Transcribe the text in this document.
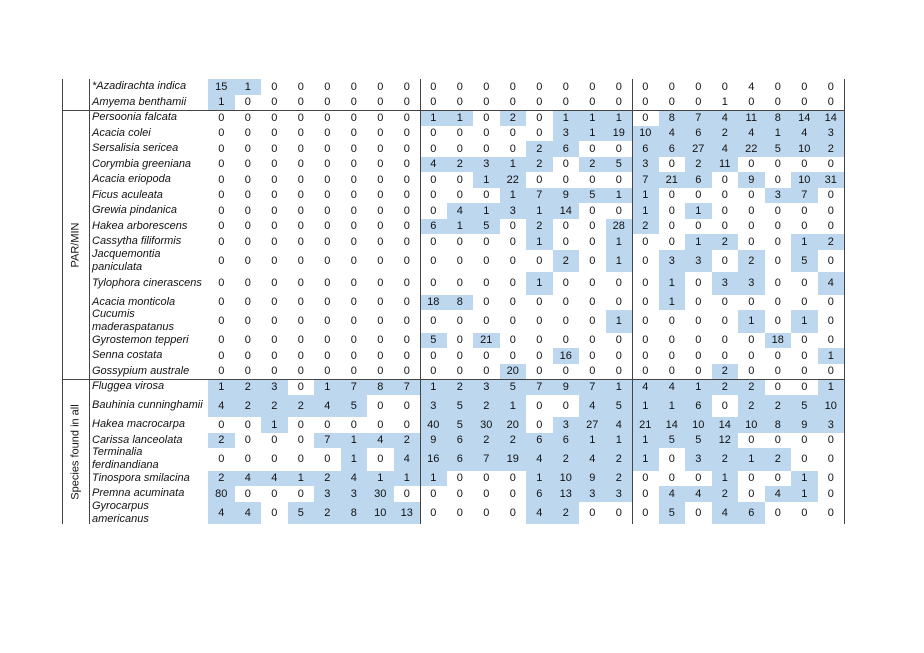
*Azadirachta indica	15	1	0	0	0	0	0	0	0	0	0	0	0	0	0	0	0	0	0	0	4	0	0	0
Amyema benthamii	1	0	0	0	0	0	0	0	0	0	0	0	0	0	0	0	0	0	0	1	0	0	0	0
Persoonia falcata	0	0	0	0	0	0	0	0	1	1	0	2	0	1	1	1	0	8	7	4	11	8	14	14
Acacia colei	0	0	0	0	0	0	0	0	0	0	0	0	0	3	1	19	10	4	6	2	4	1	4	3
Sersalisia sericea	0	0	0	0	0	0	0	0	0	0	0	0	2	6	0	0	6	6	27	4	22	5	10	2
Corymbia greeniana	0	0	0	0	0	0	0	0	4	2	3	1	2	0	2	5	3	0	2	11	0	0	0	0
Acacia eriopoda	0	0	0	0	0	0	0	0	0	0	1	22	0	0	0	0	7	21	6	0	9	0	10	31
Ficus aculeata	0	0	0	0	0	0	0	0	0	0	0	1	7	9	5	1	1	0	0	0	0	3	7	0
Grewia pindanica	0	0	0	0	0	0	0	0	0	4	1	3	1	14	0	0	1	0	1	0	0	0	0	0
Hakea arborescens	0	0	0	0	0	0	0	0	6	1	5	0	2	0	0	28	2	0	0	0	0	0	0	0
Cassytha filiformis	0	0	0	0	0	0	0	0	0	0	0	0	1	0	0	1	0	0	1	2	0	0	1	2
Jacquemontia paniculata	0	0	0	0	0	0	0	0	0	0	0	0	0	2	0	1	0	3	3	0	2	0	5	0
Tylophora cinerascens	0	0	0	0	0	0	0	0	0	0	0	0	1	0	0	0	0	1	0	3	3	0	0	4
Acacia monticola	0	0	0	0	0	0	0	0	18	8	0	0	0	0	0	0	0	1	0	0	0	0	0	0
Cucumis maderaspatanus	0	0	0	0	0	0	0	0	0	0	0	0	0	0	0	1	0	0	0	0	1	0	1	0
Gyrostemon tepperi	0	0	0	0	0	0	0	0	5	0	21	0	0	0	0	0	0	0	0	0	0	18	0	0
Senna costata	0	0	0	0	0	0	0	0	0	0	0	0	0	16	0	0	0	0	0	0	0	0	0	1
Gossypium australe	0	0	0	0	0	0	0	0	0	0	0	20	0	0	0	0	0	0	0	2	0	0	0	0
PAR/MIN
Fluggea virosa	1	2	3	0	1	7	8	7	1	2	3	5	7	9	7	1	4	4	1	2	2	0	0	1
Bauhinia cunninghamii	4	2	2	2	4	5	0	0	3	5	2	1	0	0	4	5	1	1	6	0	2	2	5	10
Hakea macrocarpa	0	0	1	0	0	0	0	0	40	5	30	20	0	3	27	4	21	14	10	14	10	8	9	3
Carissa lanceolata	2	0	0	0	7	1	4	2	9	6	2	2	6	6	1	1	1	5	5	12	0	0	0	0
Terminalia ferdinandiana	0	0	0	0	0	1	0	4	16	6	7	19	4	2	4	2	1	0	3	2	1	2	0	0
Tinospora smilacina	2	4	4	1	2	4	1	1	1	0	0	0	1	10	9	2	0	0	0	1	0	0	1	0
Premna acuminata	80	0	0	0	3	3	30	0	0	0	0	0	6	13	3	3	0	4	4	2	0	4	1	0
Gyrocarpus americanus	4	4	0	5	2	8	10	13	0	0	0	0	4	2	0	0	0	5	0	4	6	0	0	0
Species found in all
